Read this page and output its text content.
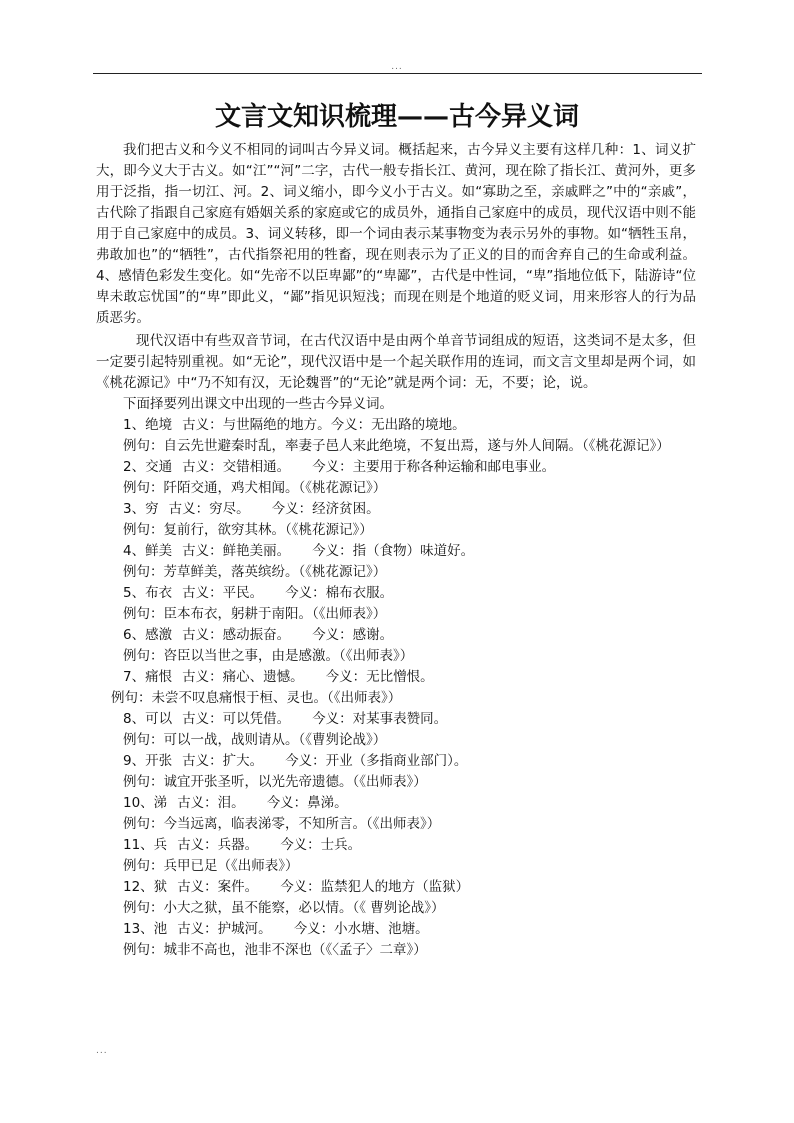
...
文言文知识梳理——古今异义词

我们把古义和今义不相同的词叫古今异义词。概括起来，古今异义主要有这样几种：1、词义扩大，即今义大于古义。如“江”“河”二字，古代一般专指长江、黄河，现在除了指长江、黄河外，更多用于泛指，指一切江、河。2、词义缩小，即今义小于古义。如“寡助之至，亲戚畔之”中的“亲戚”，古代除了指跟自己家庭有婚姻关系的家庭或它的成员外，通指自己家庭中的成员，现代汉语中则不能用于自己家庭中的成员。3、词义转移，即一个词由表示某事物变为表示另外的事物。如“牺牲玉帛，弗敢加也”的“牺牲”，古代指祭祀用的牲畜，现在则表示为了正义的目的而舍弃自己的生命或利益。4、感情色彩发生变化。如“先帝不以臣卑鄙”的“卑鄙”，古代是中性词，“卑”指地位低下，陆游诗“位卑未敢忘忧国”的“卑”即此义，“鄙”指见识短浅；而现在则是个地道的贬义词，用来形容人的行为品质恶劣。

现代汉语中有些双音节词，在古代汉语中是由两个单音节词组成的短语，这类词不是太多，但一定要引起特别重视。如“无论”，现代汉语中是一个起关联作用的连词，而文言文里却是两个词，如《桃花源记》中“乃不知有汉，无论魏晋”的“无论”就是两个词：无，不要；论，说。

下面择要列出课文中出现的一些古今异义词。

1、绝境 古义：与世隔绝的地方。今义：无出路的境地。

例句：自云先世避秦时乱，率妻子邑人来此绝境，不复出焉，遂与外人间隔。（《桃花源记》）

2、交通 古义：交错相通。 今义：主要用于称各种运输和邮电事业。

例句：阡陌交通，鸡犬相闻。（《桃花源记》）

3、穷 古义：穷尽。 今义：经济贫困。

例句：复前行，欲穷其林。（《桃花源记》）

4、鲜美 古义：鲜艳美丽。 今义：指（食物）味道好。

例句：芳草鲜美，落英缤纷。（《桃花源记》）

5、布衣 古义：平民。 今义：棉布衣服。

例句：臣本布衣，躬耕于南阳。（《出师表》）

6、感激 古义：感动振奋。 今义：感谢。

例句：咨臣以当世之事，由是感激。（《出师表》）

7、痛恨 古义：痛心、遗憾。 今义：无比憎恨。

例句：未尝不叹息痛恨于桓、灵也。（《出师表》）

8、可以 古义：可以凭借。 今义：对某事表赞同。

例句：可以一战，战则请从。（《曹刿论战》）

9、开张 古义：扩大。 今义：开业（多指商业部门）。

例句：诚宜开张圣听，以光先帝遗德。（《出师表》）

10、涕 古义：泪。 今义：鼻涕。

例句：今当远离，临表涕零，不知所言。（《出师表》）

11、兵 古义：兵器。 今义：士兵。

例句：兵甲已足（《出师表》）

12、狱 古义：案件。 今义：监禁犯人的地方（监狱）

例句：小大之狱，虽不能察，必以情。（《 曹刿论战》）

13、池 古义：护城河。 今义：小水塘、池塘。

例句：城非不高也，池非不深也（《〈孟子〉二章》）

...
